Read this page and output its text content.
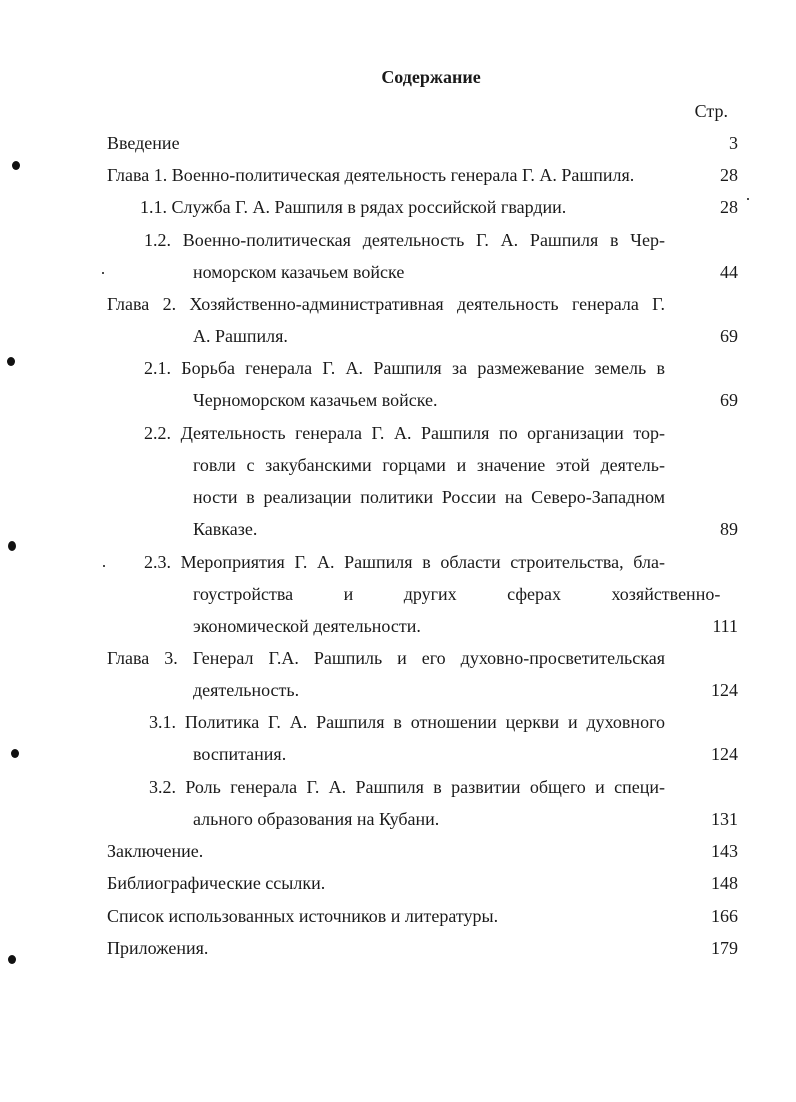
Содержание
Стр.
Введение	3
Глава 1. Военно-политическая деятельность генерала Г. А. Рашпиля.	28
1.1. Служба Г. А. Рашпиля в рядах российской гвардии.	28
1.2. Военно-политическая деятельность Г. А. Рашпиля в Чер-
номорском казачьем войске	44
Глава 2. Хозяйственно-административная деятельность генерала Г.
А. Рашпиля.	69
2.1. Борьба генерала Г. А. Рашпиля за размежевание земель в
Черноморском казачьем войске.	69
2.2. Деятельность генерала Г. А. Рашпиля по организации тор-
говли с закубанскими горцами и значение этой деятель-
ности в реализации политики России на Северо-Западном
Кавказе.	89
2.3. Мероприятия Г. А. Рашпиля в области строительства, бла-
гоустройства и других сферах хозяйственно-
экономической деятельности.	111
Глава 3. Генерал Г.А. Рашпиль и его духовно-просветительская
деятельность.	124
3.1. Политика Г. А. Рашпиля в отношении церкви и духовного
воспитания.	124
3.2. Роль генерала Г. А. Рашпиля в развитии общего и специ-
ального образования на Кубани.	131
Заключение.	143
Библиографические ссылки.	148
Список использованных источников и литературы.	166
Приложения.	179
